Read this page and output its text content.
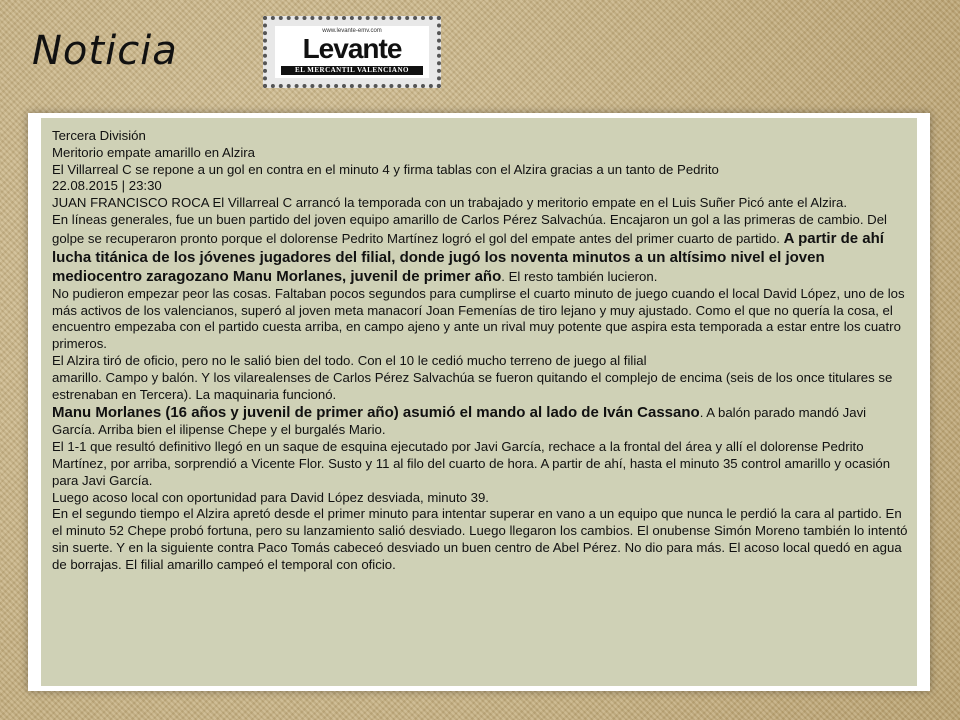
Noticia	www.levante-emv.com
Levante
EL MERCANTIL VALENCIANO

Tercera División

Meritorio empate amarillo en Alzira

El Villarreal C se repone a un gol en contra en el minuto 4 y firma tablas con el Alzira gracias a un tanto de Pedrito

22.08.2015 | 23:30

JUAN FRANCISCO ROCA El Villarreal C arrancó la temporada con un trabajado y meritorio empate en el Luis Suñer Picó ante el Alzira.

En líneas generales, fue un buen partido del joven equipo amarillo de Carlos Pérez Salvachúa. Encajaron un gol a las primeras de cambio. Del golpe se recuperaron pronto porque el dolorense Pedrito Martínez logró el gol del empate antes del primer cuarto de partido. A partir de ahí lucha titánica de los jóvenes jugadores del filial, donde jugó los noventa minutos a un altísimo nivel el joven mediocentro zaragozano Manu Morlanes, juvenil de primer año. El resto también lucieron.

No pudieron empezar peor las cosas. Faltaban pocos segundos para cumplirse el cuarto minuto de juego cuando el local David López, uno de los más activos de los valencianos, superó al joven meta manacorí Joan Femenías de tiro lejano y muy ajustado. Como el que no quería la cosa, el encuentro empezaba con el partido cuesta arriba, en campo ajeno y ante un rival muy potente que aspira esta temporada a estar entre los cuatro primeros.

El Alzira tiró de oficio, pero no le salió bien del todo. Con el 10 le cedió mucho terreno de juego al filial

amarillo. Campo y balón. Y los vilarealenses de Carlos Pérez Salvachúa se fueron quitando el complejo de encima (seis de los once titulares se estrenaban en Tercera). La maquinaria funcionó.

Manu Morlanes (16 años y juvenil de primer año) asumió el mando al lado de Iván Cassano. A balón parado mandó Javi García. Arriba bien el ilipense Chepe y el burgalés Mario.

El 1-1 que resultó definitivo llegó en un saque de esquina ejecutado por Javi García, rechace a la frontal del área y allí el dolorense Pedrito Martínez, por arriba, sorprendió a Vicente Flor. Susto y 11 al filo del cuarto de hora. A partir de ahí, hasta el minuto 35 control amarillo y ocasión para Javi García.

Luego acoso local con oportunidad para David López desviada, minuto 39.

En el segundo tiempo el Alzira apretó desde el primer minuto para intentar superar en vano a un equipo que nunca le perdió la cara al partido. En el minuto 52 Chepe probó fortuna, pero su lanzamiento salió desviado. Luego llegaron los cambios. El onubense Simón Moreno también lo intentó sin suerte. Y en la siguiente contra Paco Tomás cabeceó desviado un buen centro de Abel Pérez. No dio para más. El acoso local quedó en agua de borrajas. El filial amarillo campeó el temporal con oficio.
